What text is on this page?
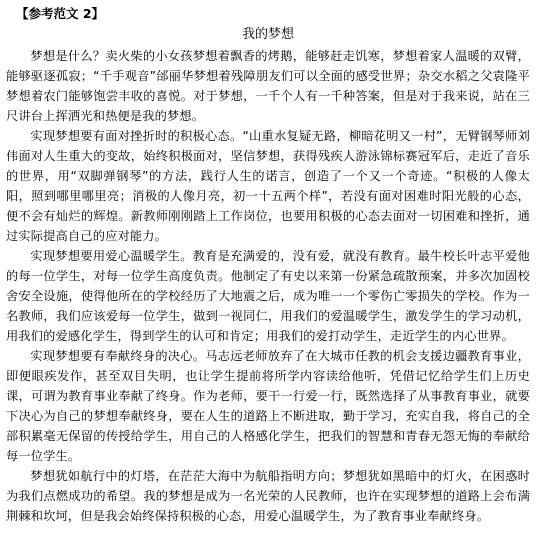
【参考范文 2】
我的梦想

梦想是什么？卖火柴的小女孩梦想着飘香的烤鹅，能够赶走饥寒，梦想着家人温暖的双臂，能够驱逐孤寂；“千手观音”邰丽华梦想着残障朋友们可以全面的感受世界；杂交水稻之父袁隆平梦想着农门能够饱尝丰收的喜悦。对于梦想，一千个人有一千种答案，但是对于我来说，站在三尺讲台上挥洒光和热便是我的梦想。

实现梦想要有面对挫折时的积极心态。“山重水复疑无路，柳暗花明又一村”，无臂钢琴师刘伟面对人生重大的变故，始终积极面对，坚信梦想，获得残疾人游泳锦标赛冠军后，走近了音乐的世界，用“双脚弹钢琴”的方法，践行人生的诺言，创造了一个又一个奇迹。“积极的人像太阳，照到哪里哪里亮；消极的人像月亮，初一十五两个样”，若没有面对困难时阳光般的心态，便不会有灿烂的辉煌。新教师刚刚踏上工作岗位，也要用积极的心态去面对一切困难和挫折，通过实际提高自己的应对能力。

实现梦想要用爱心温暖学生。教育是充满爱的，没有爱，就没有教育。最牛校长叶志平爱他的每一位学生，对每一位学生高度负责。他制定了有史以来第一份紧急疏散预案，并多次加固校舍安全设施，使得他所在的学校经历了大地震之后，成为唯一一个零伤亡零损失的学校。作为一名教师，我们应该爱每一位学生，做到一视同仁，用我们的爱温暖学生，激发学生的学习动机，用我们的爱感化学生，得到学生的认可和肯定；用我们的爱打动学生，走近学生的内心世界。

实现梦想要有奉献终身的决心。马志远老师放弃了在大城市任教的机会支援边疆教育事业，即便眼疾发作，甚至双目失明，也让学生提前将所学内容读给他听，凭借记忆给学生们上历史课，可谓为教育事业奉献了终身。作为老师，要干一行爱一行，既然选择了从事教育事业，就要下决心为自己的梦想奉献终身，要在人生的道路上不断进取，勤于学习，充实自我，将自己的全部积累毫无保留的传授给学生，用自己的人格感化学生，把我们的智慧和青春无怨无悔的奉献给每一位学生。

梦想犹如航行中的灯塔，在茫茫大海中为航船指明方向；梦想犹如黑暗中的灯火，在困惑时为我们点燃成功的希望。我的梦想是成为一名光荣的人民教师，也许在实现梦想的道路上会布满荆棘和坎坷，但是我会始终保持积极的心态，用爱心温暖学生，为了教育事业奉献终身。
